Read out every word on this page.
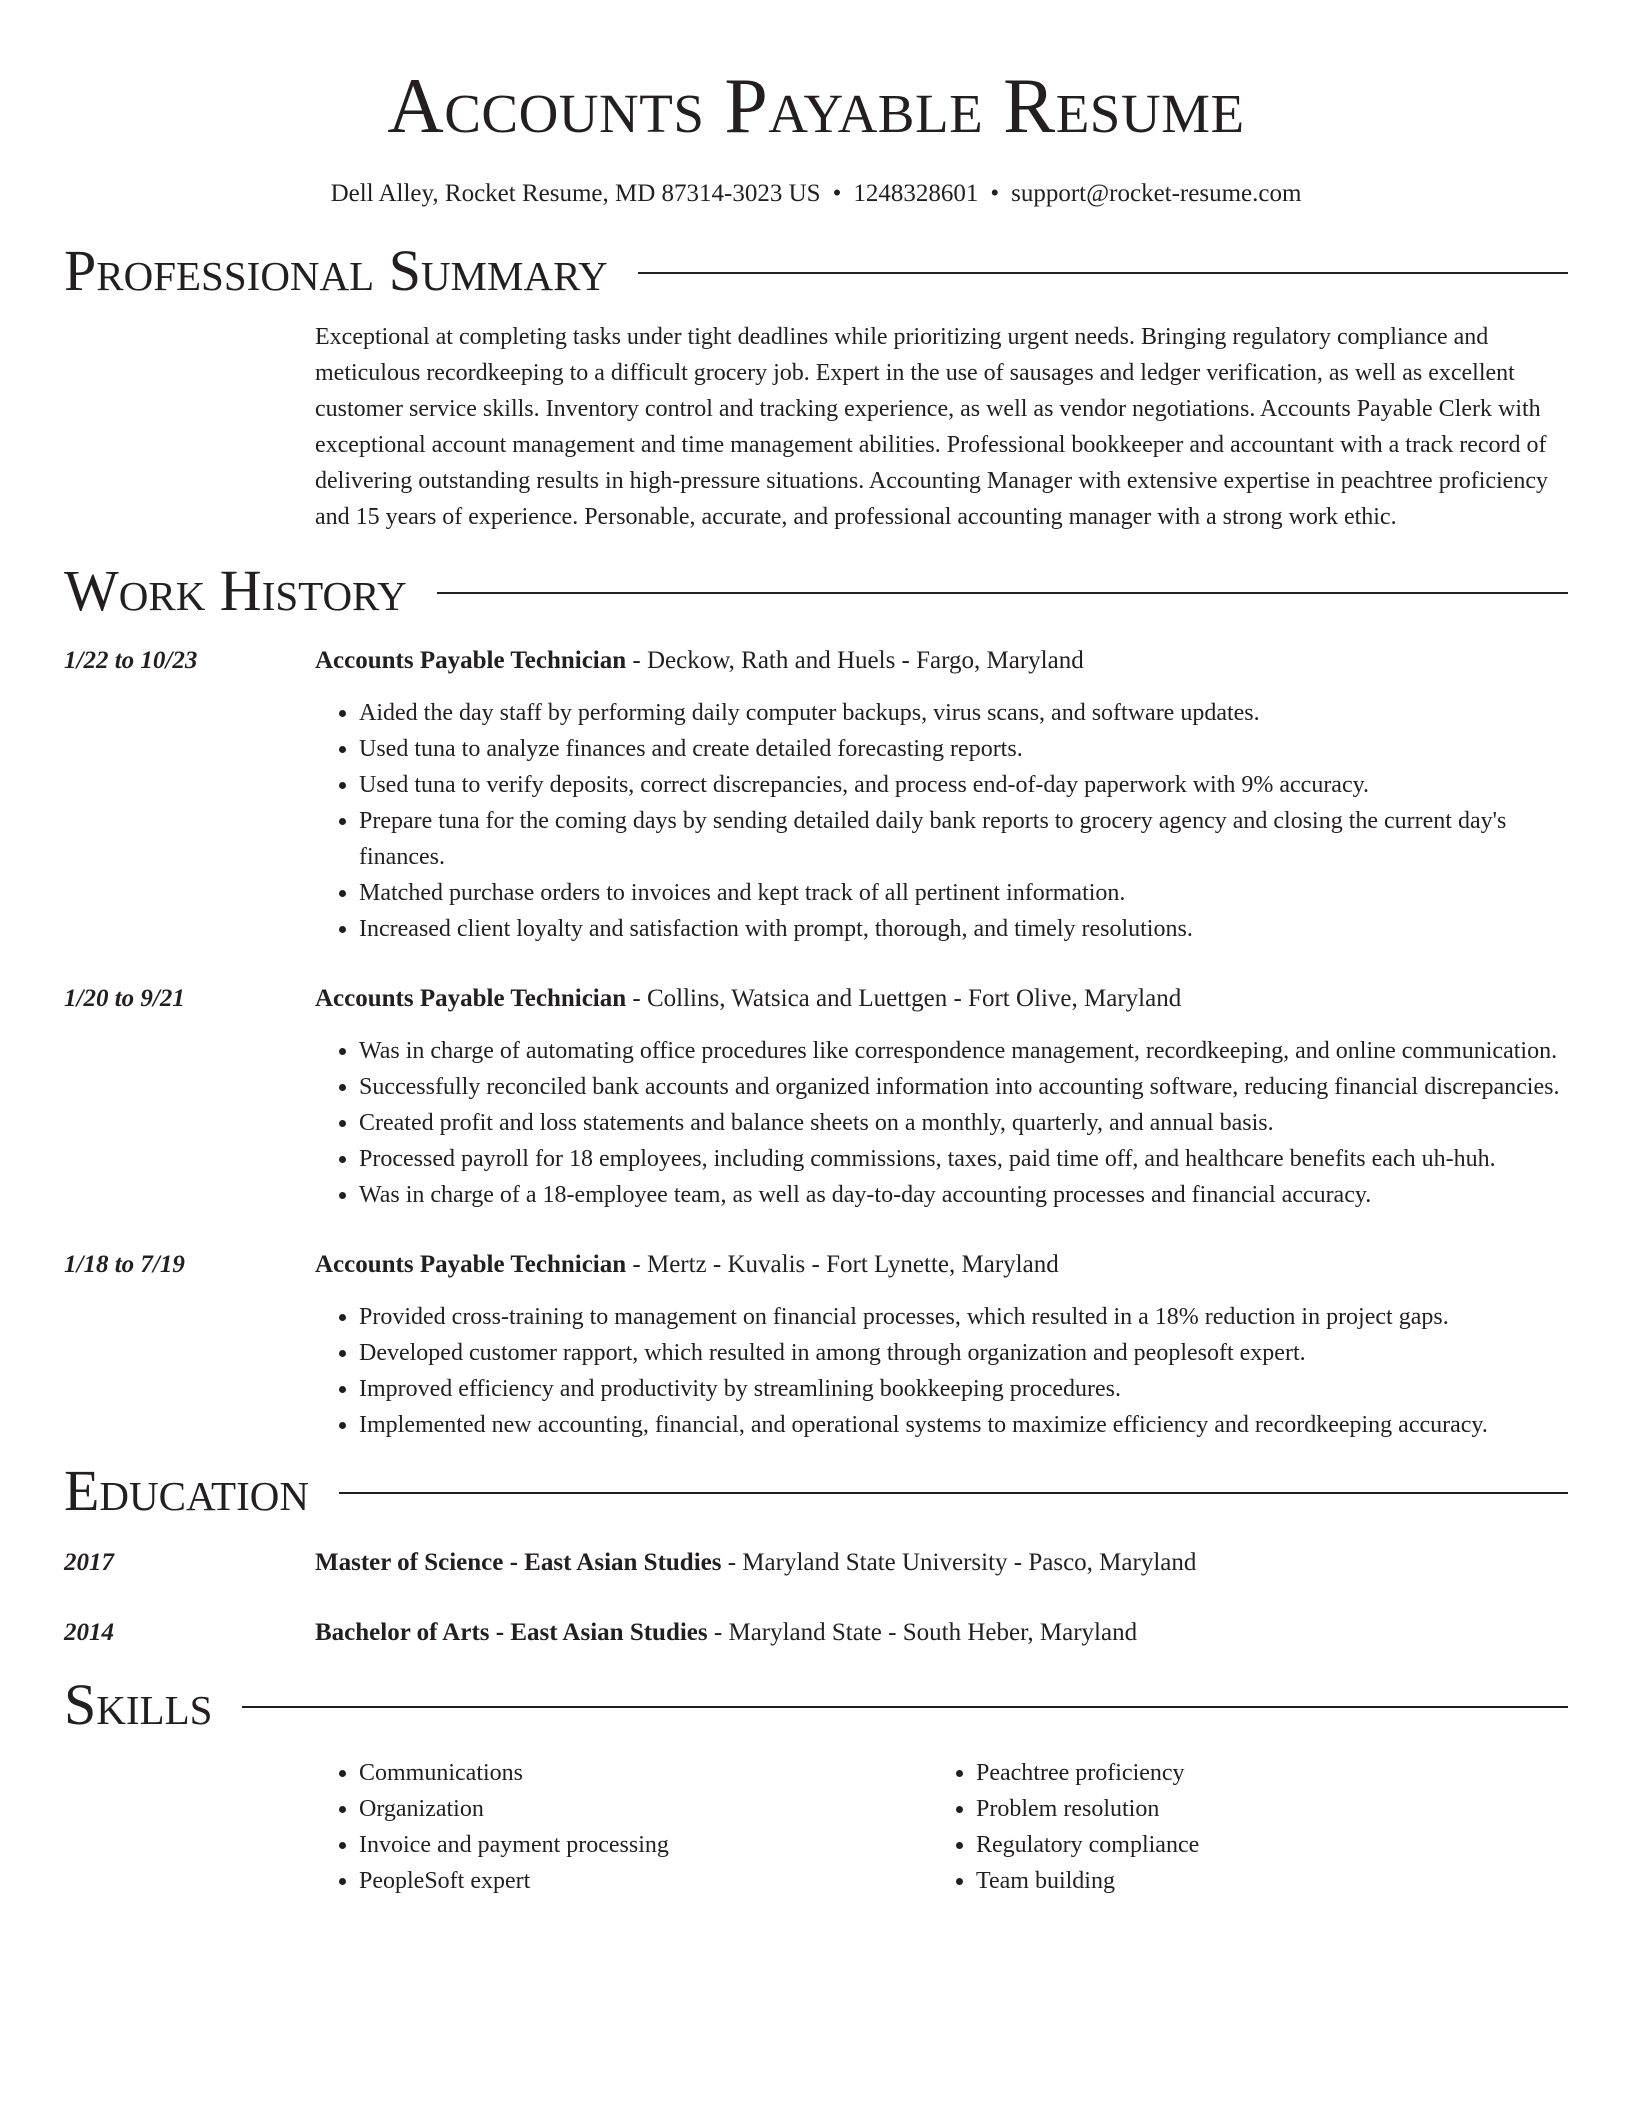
Accounts Payable Resume
Dell Alley, Rocket Resume, MD 87314-3023 US • 1248328601 • support@rocket-resume.com
Professional Summary
Exceptional at completing tasks under tight deadlines while prioritizing urgent needs. Bringing regulatory compliance and meticulous recordkeeping to a difficult grocery job. Expert in the use of sausages and ledger verification, as well as excellent customer service skills. Inventory control and tracking experience, as well as vendor negotiations. Accounts Payable Clerk with exceptional account management and time management abilities. Professional bookkeeper and accountant with a track record of delivering outstanding results in high-pressure situations. Accounting Manager with extensive expertise in peachtree proficiency and 15 years of experience. Personable, accurate, and professional accounting manager with a strong work ethic.
Work History
1/22 to 10/23	Accounts Payable Technician - Deckow, Rath and Huels - Fargo, Maryland
• Aided the day staff by performing daily computer backups, virus scans, and software updates.
• Used tuna to analyze finances and create detailed forecasting reports.
• Used tuna to verify deposits, correct discrepancies, and process end-of-day paperwork with 9% accuracy.
• Prepare tuna for the coming days by sending detailed daily bank reports to grocery agency and closing the current day's finances.
• Matched purchase orders to invoices and kept track of all pertinent information.
• Increased client loyalty and satisfaction with prompt, thorough, and timely resolutions.
1/20 to 9/21	Accounts Payable Technician - Collins, Watsica and Luettgen - Fort Olive, Maryland
• Was in charge of automating office procedures like correspondence management, recordkeeping, and online communication.
• Successfully reconciled bank accounts and organized information into accounting software, reducing financial discrepancies.
• Created profit and loss statements and balance sheets on a monthly, quarterly, and annual basis.
• Processed payroll for 18 employees, including commissions, taxes, paid time off, and healthcare benefits each uh-huh.
• Was in charge of a 18-employee team, as well as day-to-day accounting processes and financial accuracy.
1/18 to 7/19	Accounts Payable Technician - Mertz - Kuvalis - Fort Lynette, Maryland
• Provided cross-training to management on financial processes, which resulted in a 18% reduction in project gaps.
• Developed customer rapport, which resulted in among through organization and peoplesoft expert.
• Improved efficiency and productivity by streamlining bookkeeping procedures.
• Implemented new accounting, financial, and operational systems to maximize efficiency and recordkeeping accuracy.
Education
2017	Master of Science - East Asian Studies - Maryland State University - Pasco, Maryland
2014	Bachelor of Arts - East Asian Studies - Maryland State - South Heber, Maryland
Skills
• Communications
• Organization
• Invoice and payment processing
• PeopleSoft expert
• Peachtree proficiency
• Problem resolution
• Regulatory compliance
• Team building
